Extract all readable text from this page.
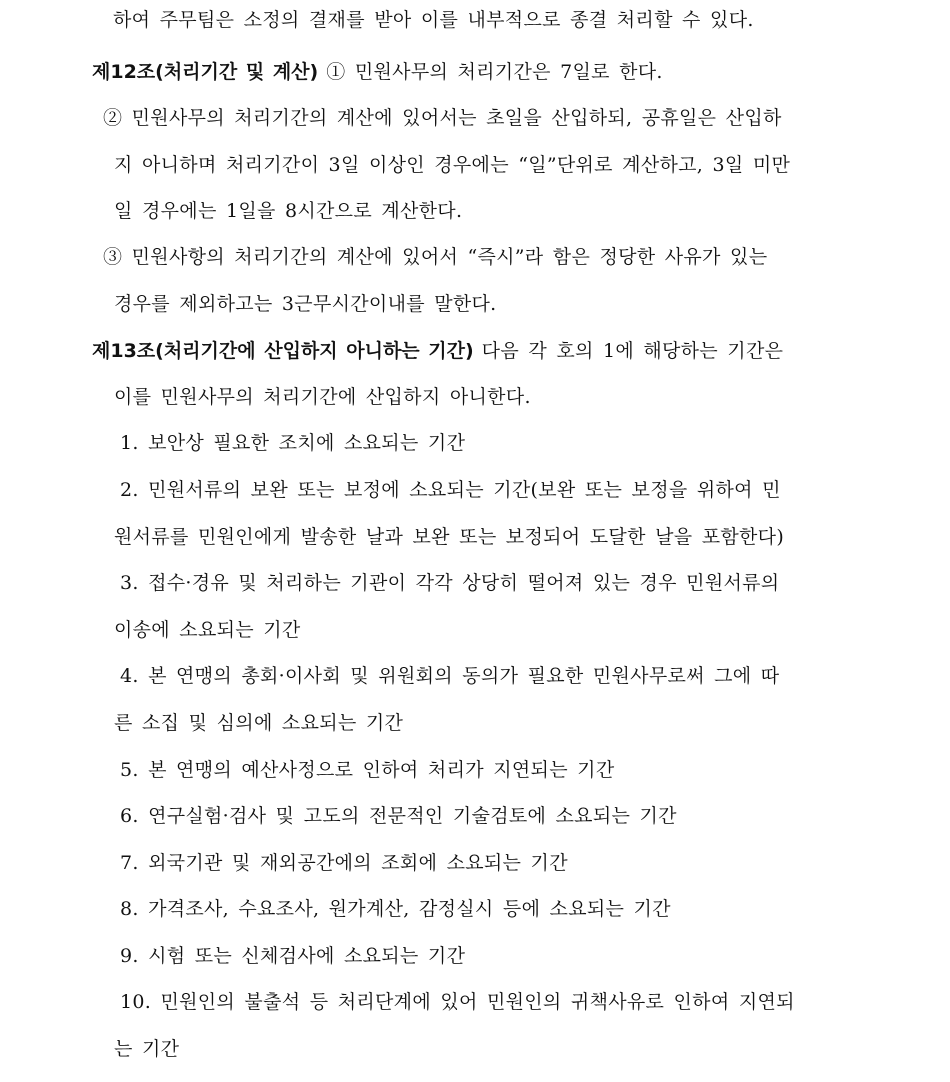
하여 주무팀은 소정의 결재를 받아 이를 내부적으로 종결 처리할 수 있다.
제12조(처리기간 및 계산) ① 민원사무의 처리기간은 7일로 한다.
② 민원사무의 처리기간의 계산에 있어서는 초일을 산입하되, 공휴일은 산입하
지 아니하며 처리기간이 3일 이상인 경우에는 “일”단위로 계산하고, 3일 미만
일 경우에는 1일을 8시간으로 계산한다.
③ 민원사항의 처리기간의 계산에 있어서 “즉시”라 함은 정당한 사유가 있는
경우를 제외하고는 3근무시간이내를 말한다.
제13조(처리기간에 산입하지 아니하는 기간) 다음 각 호의 1에 해당하는 기간은
이를 민원사무의 처리기간에 산입하지 아니한다.
1. 보안상 필요한 조치에 소요되는 기간
2. 민원서류의 보완 또는 보정에 소요되는 기간(보완 또는 보정을 위하여 민
원서류를 민원인에게 발송한 날과 보완 또는 보정되어 도달한 날을 포함한다)
3. 접수·경유 및 처리하는 기관이 각각 상당히 떨어져 있는 경우 민원서류의
이송에 소요되는 기간
4. 본 연맹의 총회·이사회 및 위원회의 동의가 필요한 민원사무로써 그에 따
른 소집 및 심의에 소요되는 기간
5. 본 연맹의 예산사정으로 인하여 처리가 지연되는 기간
6. 연구실험·검사 및 고도의 전문적인 기술검토에 소요되는 기간
7. 외국기관 및 재외공간에의 조회에 소요되는 기간
8. 가격조사, 수요조사, 원가계산, 감정실시 등에 소요되는 기간
9. 시험 또는 신체검사에 소요되는 기간
10. 민원인의 불출석 등 처리단계에 있어 민원인의 귀책사유로 인하여 지연되
는 기간
